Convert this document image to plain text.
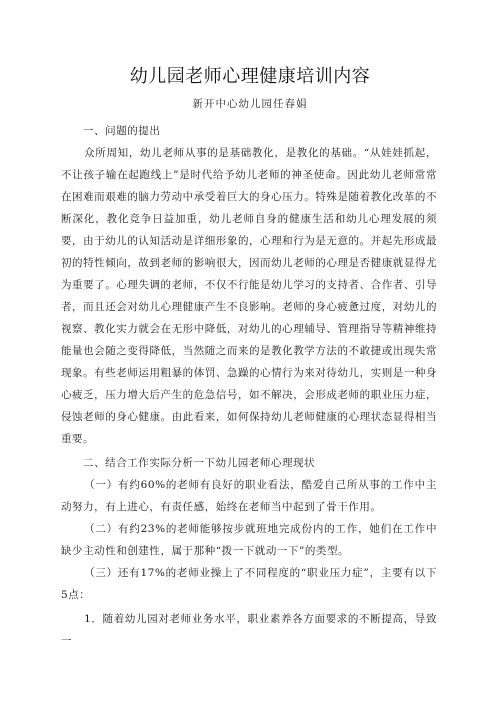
幼儿园老师心理健康培训内容
新开中心幼儿园任春娟

一、问题的提出

众所周知，幼儿老师从事的是基础教化，是教化的基础。“从娃娃抓起，不让孩子输在起跑线上”是时代给予幼儿老师的神圣使命。因此幼儿老师常常在困难而艰难的脑力劳动中承受着巨大的身心压力。特殊是随着教化改革的不断深化，教化竞争日益加重，幼儿老师自身的健康生活和幼儿心理发展的须要，由于幼儿的认知活动是详细形象的，心理和行为是无意的。并起先形成最初的特性倾向，故到老师的影响很大，因而幼儿老师的心理是否健康就显得尤为重要了。心理失调的老师，不仅不行能是幼儿学习的支持者、合作者、引导者，而且还会对幼儿心理健康产生不良影响。老师的身心疲惫过度，对幼儿的视察、教化实力就会在无形中降低，对幼儿的心理辅导、管理指导等精神维持能量也会随之变得降低，当然随之而来的是教化教学方法的不敢捷或出现失常现象。有些老师运用粗暴的体罚、急躁的心情行为来对待幼儿，实则是一种身心疲乏，压力增大后产生的危急信号，如不解决，会形成老师的职业压力症，侵蚀老师的身心健康。由此看来，如何保持幼儿老师健康的心理状态显得相当重要。

二、结合工作实际分析一下幼儿园老师心理现状

（一）有约60%的老师有良好的职业看法，酷爱自己所从事的工作中主动努力，有上进心，有责任感，始终在老师当中起到了骨干作用。

（二）有约23%的老师能够按步就班地完成份内的工作，她们在工作中缺少主动性和创建性，属于那种“拨一下就动一下”的类型。

（三）还有17%的老师业操上了不同程度的“职业压力症”，主要有以下5点：

1．随着幼儿园对老师业务水平，职业素养各方面要求的不断提高，导致一
